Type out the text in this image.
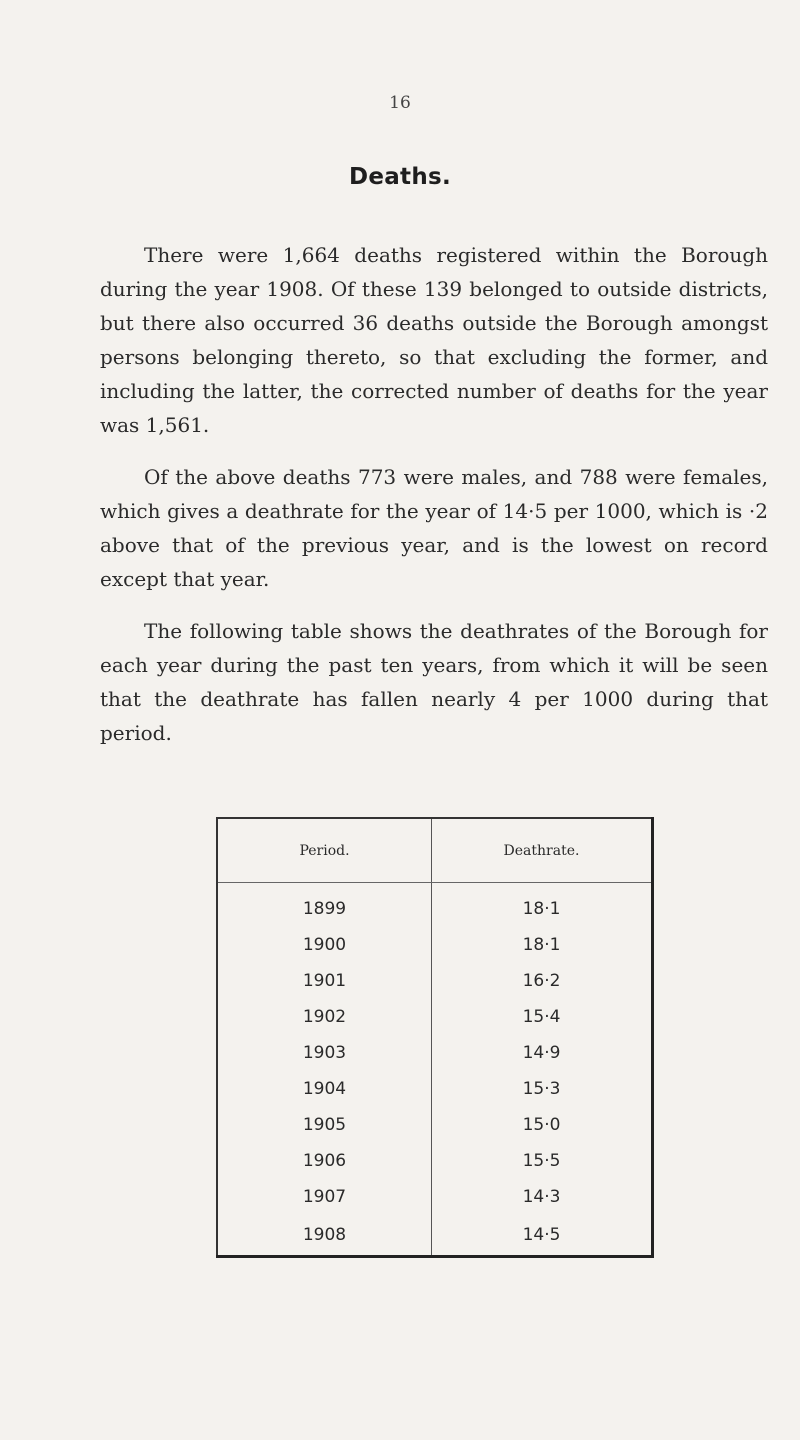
16
Deaths.

There were 1,664 deaths registered within the Borough during the year 1908. Of these 139 belonged to outside districts, but there also occurred 36 deaths outside the Borough amongst persons belonging thereto, so that excluding the former, and including the latter, the corrected number of deaths for the year was 1,561.

Of the above deaths 773 were males, and 788 were females, which gives a deathrate for the year of 14·5 per 1000, which is ·2 above that of the previous year, and is the lowest on record except that year.

The following table shows the deathrates of the Borough for each year during the past ten years, from which it will be seen that the deathrate has fallen nearly 4 per 1000 during that period.

Period.	Deathrate.
1899	18·1
1900	18·1
1901	16·2
1902	15·4
1903	14·9
1904	15·3
1905	15·0
1906	15·5
1907	14·3
1908	14·5
